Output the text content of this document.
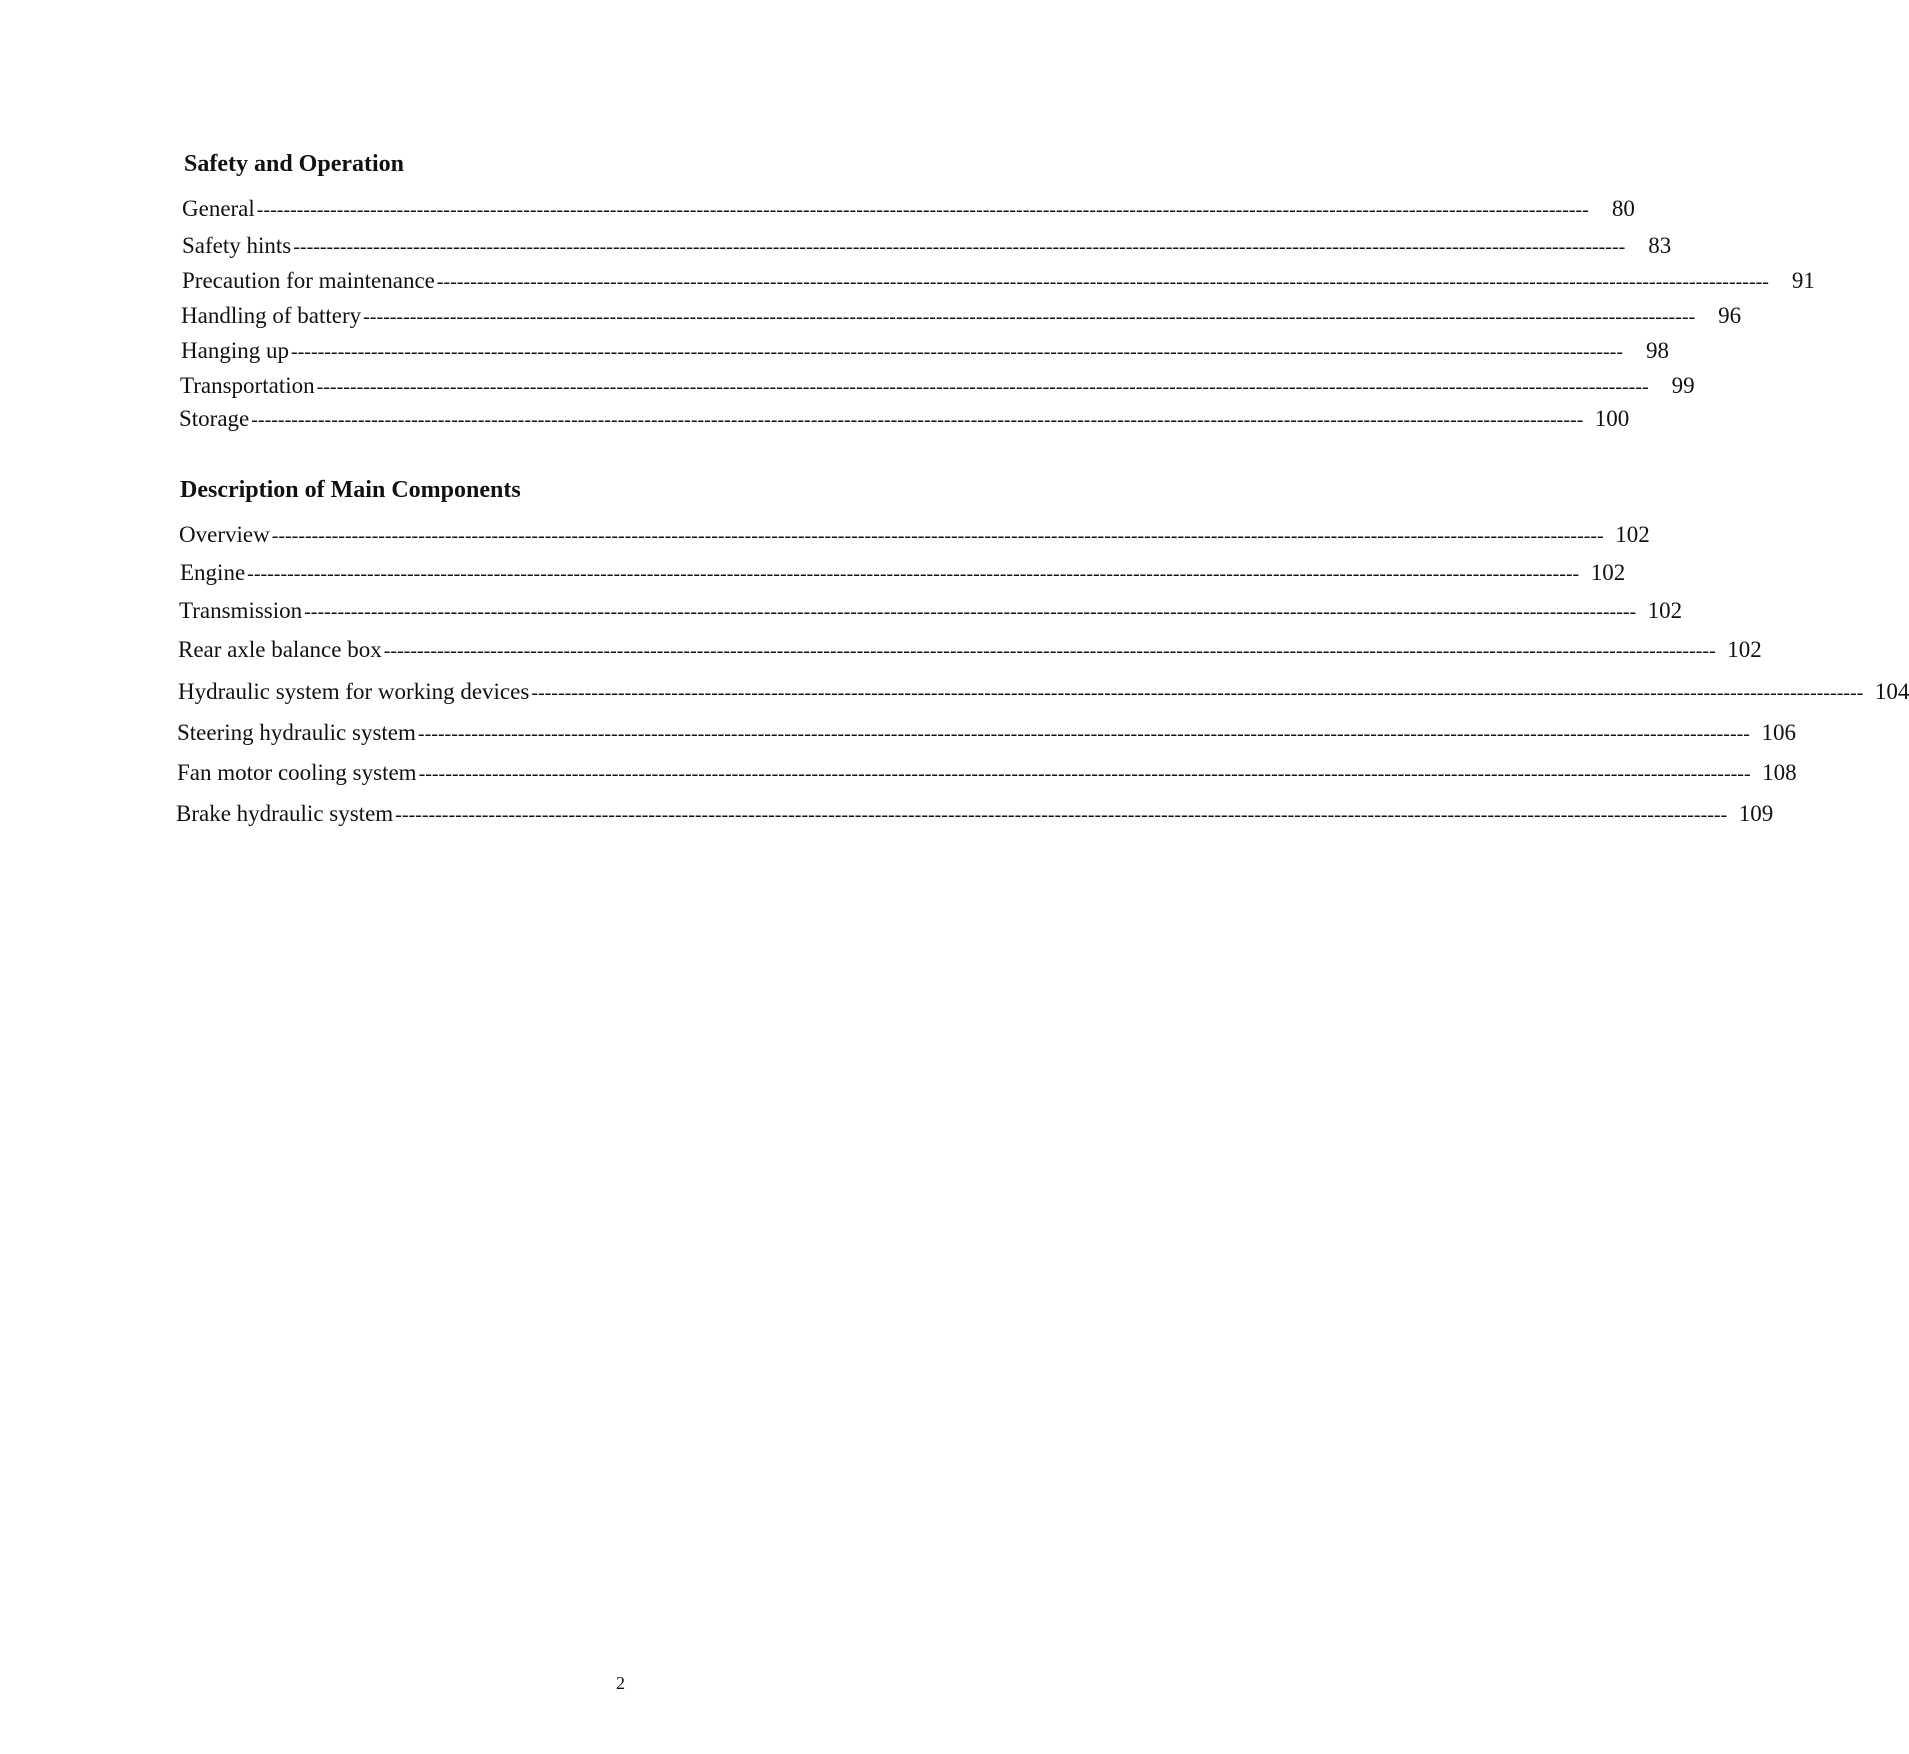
Safety and Operation
General --------------------------------------------------------------------------------------------------------------------------------------------------------------------------------------------------------	80
Safety hints --------------------------------------------------------------------------------------------------------------------------------------------------------------------------------------------------------	83
Precaution for maintenance --------------------------------------------------------------------------------------------------------------------------------------------------------------------------------------------------------	91
Handling of battery --------------------------------------------------------------------------------------------------------------------------------------------------------------------------------------------------------	96
Hanging up --------------------------------------------------------------------------------------------------------------------------------------------------------------------------------------------------------	98
Transportation --------------------------------------------------------------------------------------------------------------------------------------------------------------------------------------------------------	99
Storage -------------------------------------------------------------------------------------------------------------------------------------------------------------------------------------------------------- 100
Description of Main Components
Overview -------------------------------------------------------------------------------------------------------------------------------------------------------------------------------------------------------- 102
Engine -------------------------------------------------------------------------------------------------------------------------------------------------------------------------------------------------------- 102
Transmission -------------------------------------------------------------------------------------------------------------------------------------------------------------------------------------------------------- 102
Rear axle balance box -------------------------------------------------------------------------------------------------------------------------------------------------------------------------------------------------------- 102
Hydraulic system for working devices -------------------------------------------------------------------------------------------------------------------------------------------------------------------------------------------------------- 104
Steering hydraulic system -------------------------------------------------------------------------------------------------------------------------------------------------------------------------------------------------------- 106
Fan motor cooling system -------------------------------------------------------------------------------------------------------------------------------------------------------------------------------------------------------- 108
Brake hydraulic system -------------------------------------------------------------------------------------------------------------------------------------------------------------------------------------------------------- 109
2
